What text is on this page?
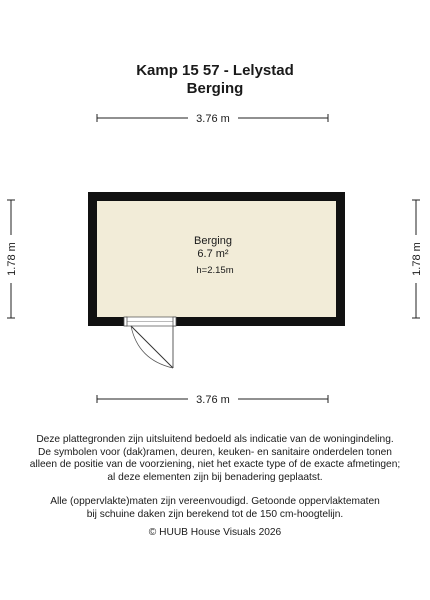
Kamp 15 57 - Lelystad
Berging
3.76 m
3.76 m
1.78 m	1.78 m
Berging
6.7 m²
h=2.15m
Deze plattegronden zijn uitsluitend bedoeld als indicatie van de woningindeling.
De symbolen voor (dak)ramen, deuren, keuken- en sanitaire onderdelen tonen
alleen de positie van de voorziening, niet het exacte type of de exacte afmetingen;
al deze elementen zijn bij benadering geplaatst.
Alle (oppervlakte)maten zijn vereenvoudigd. Getoonde oppervlaktematen
bij schuine daken zijn berekend tot de 150 cm-hoogtelijn.
© HUUB House Visuals 2026
